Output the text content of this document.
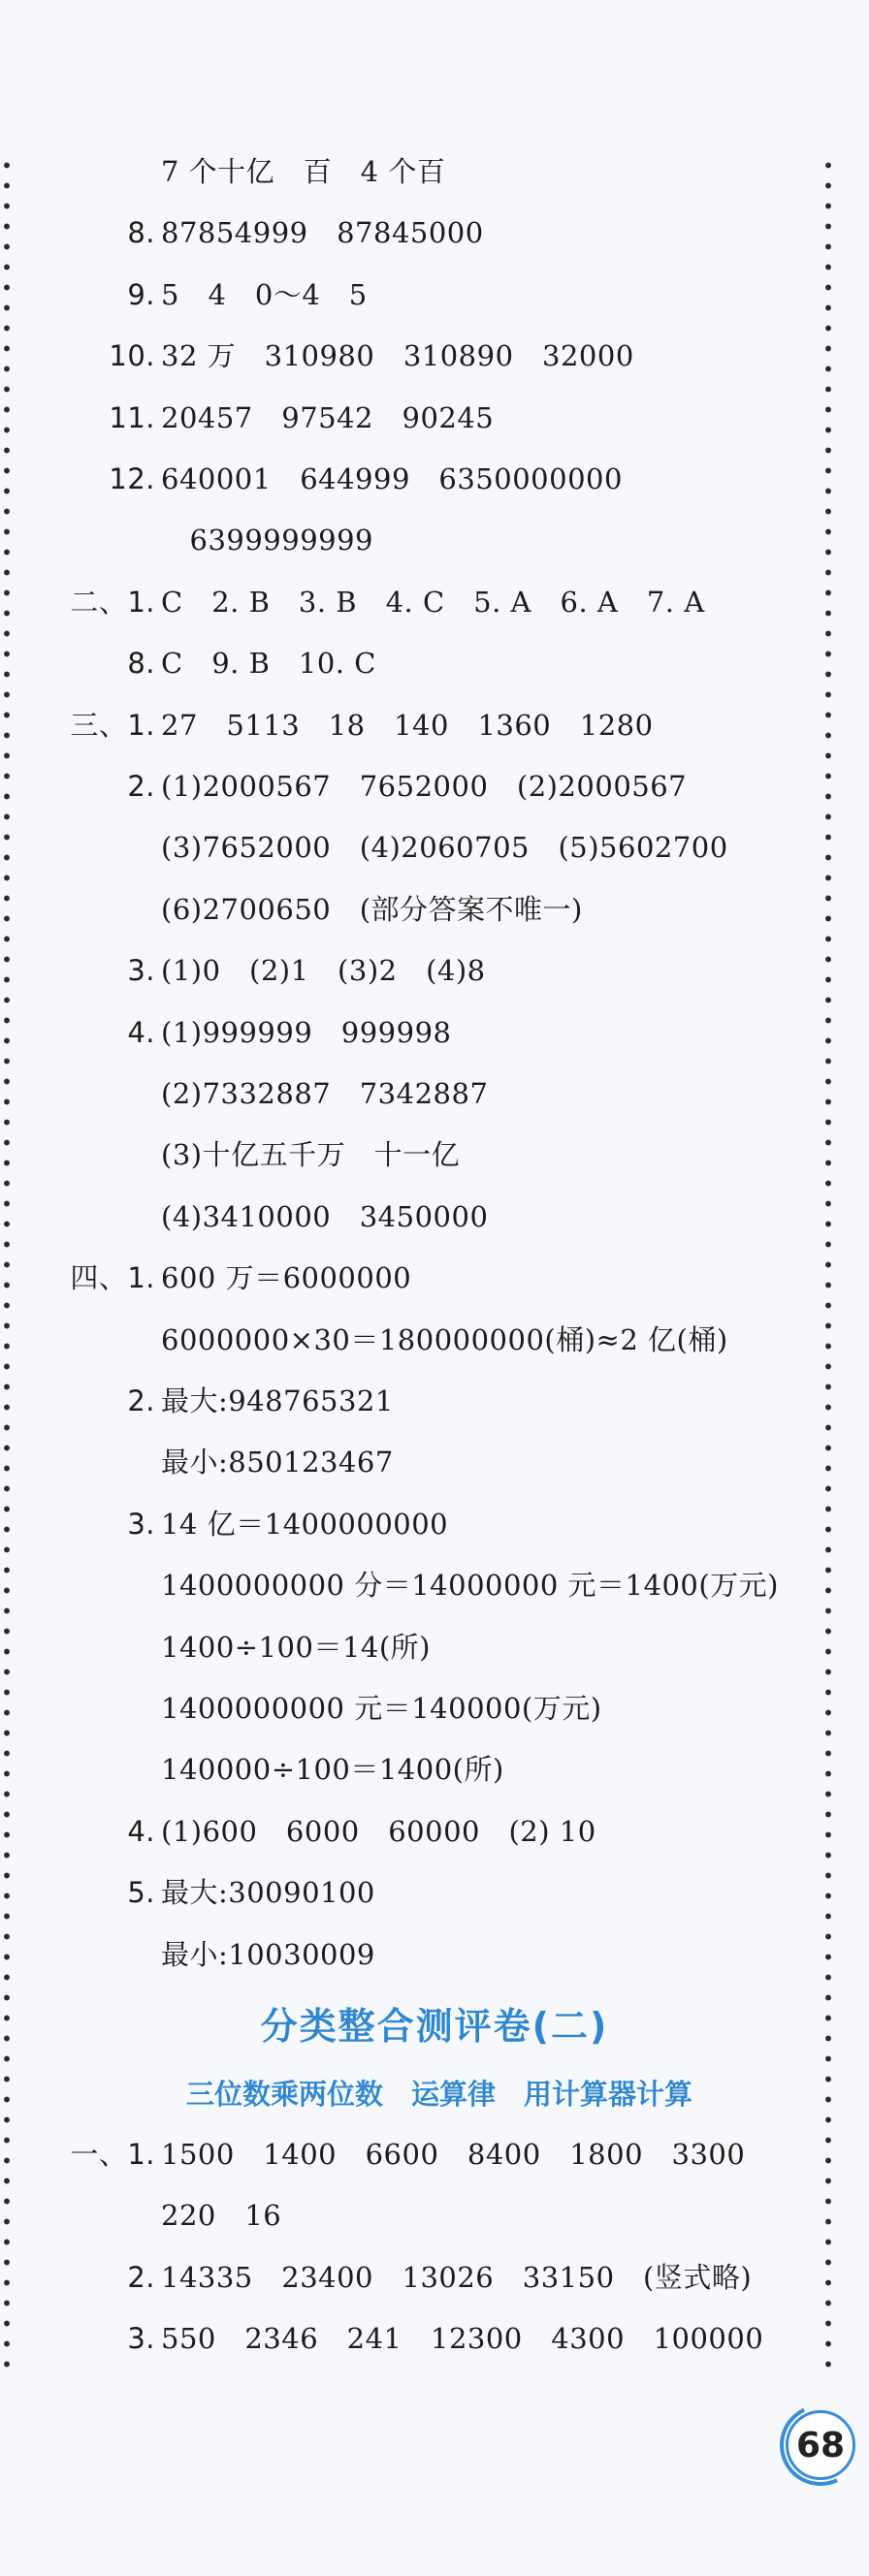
7 个十亿　百　4 个百
8. 87854999　87845000
9. 5　4　0～4　5
10. 32 万　310980　310890　32000
11. 20457　97542　90245
12. 640001　644999　6350000000
　6399999999
二、1. C　2. B　3. B　4. C　5. A　6. A　7. A
8. C　9. B　10. C
三、1. 27　5113　18　140　1360　1280
2. (1)2000567　7652000　(2)2000567
(3)7652000　(4)2060705　(5)5602700
(6)2700650　(部分答案不唯一)
3. (1)0　(2)1　(3)2　(4)8
4. (1)999999　999998
(2)7332887　7342887
(3)十亿五千万　十一亿
(4)3410000　3450000
四、1. 600 万＝6000000
6000000×30＝180000000(桶)≈2 亿(桶)
2. 最大:948765321
最小:850123467
3. 14 亿＝1400000000
1400000000 分＝14000000 元＝1400(万元)
1400÷100＝14(所)
1400000000 元＝140000(万元)
140000÷100＝1400(所)
4. (1)600　6000　60000　(2) 10
5. 最大:30090100
最小:10030009
分类整合测评卷(二)
三位数乘两位数　运算律　用计算器计算
一、1. 1500　1400　6600　8400　1800　3300
220　16
2. 14335　23400　13026　33150　(竖式略)
3. 550　2346　241　12300　4300　100000
68
